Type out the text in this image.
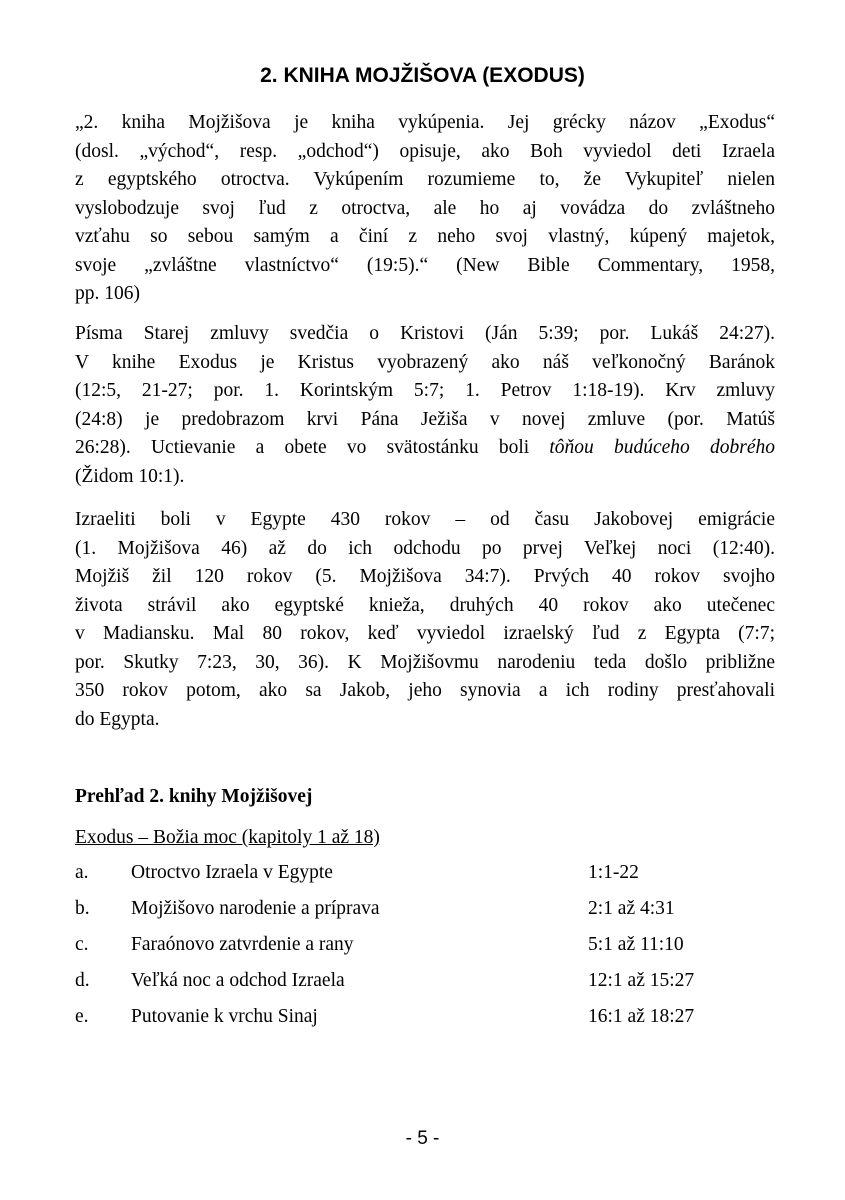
2. KNIHA MOJŽIŠOVA (EXODUS)

„2. kniha Mojžišova je kniha vykúpenia. Jej grécky názov „Exodus“
(dosl. „východ“, resp. „odchod“) opisuje, ako Boh vyviedol deti Izraela
z egyptského otroctva. Vykúpením rozumieme to, že Vykupiteľ nielen
vyslobodzuje svoj ľud z otroctva, ale ho aj vovádza do zvláštneho
vzťahu so sebou samým a činí z neho svoj vlastný, kúpený majetok,
svoje „zvláštne vlastníctvo“ (19:5).“ (New Bible Commentary, 1958,
pp. 106)

Písma Starej zmluvy svedčia o Kristovi (Ján 5:39; por. Lukáš 24:27).
V knihe Exodus je Kristus vyobrazený ako náš veľkonočný Baránok
(12:5, 21-27; por. 1. Korintským 5:7; 1. Petrov 1:18-19). Krv zmluvy
(24:8) je predobrazom krvi Pána Ježiša v novej zmluve (por. Matúš
26:28). Uctievanie a obete vo svätostánku boli tôňou budúceho dobrého
(Židom 10:1).

Izraeliti boli v Egypte 430 rokov – od času Jakobovej emigrácie
(1. Mojžišova 46) až do ich odchodu po prvej Veľkej noci (12:40).
Mojžiš žil 120 rokov (5. Mojžišova 34:7). Prvých 40 rokov svojho
života strávil ako egyptské knieža, druhých 40 rokov ako utečenec
v Madiansku. Mal 80 rokov, keď vyviedol izraelský ľud z Egypta (7:7;
por. Skutky 7:23, 30, 36). K Mojžišovmu narodeniu teda došlo približne
350 rokov potom, ako sa Jakob, jeho synovia a ich rodiny presťahovali
do Egypta.

Prehľad 2. knihy Mojžišovej
Exodus – Božia moc (kapitoly 1 až 18)
a. Otroctvo Izraela v Egypte	1:1-22
b. Mojžišovo narodenie a príprava	2:1 až 4:31
c. Faraónovo zatvrdenie a rany	5:1 až 11:10
d. Veľká noc a odchod Izraela	12:1 až 15:27
e. Putovanie k vrchu Sinaj	16:1 až 18:27
- 5 -
